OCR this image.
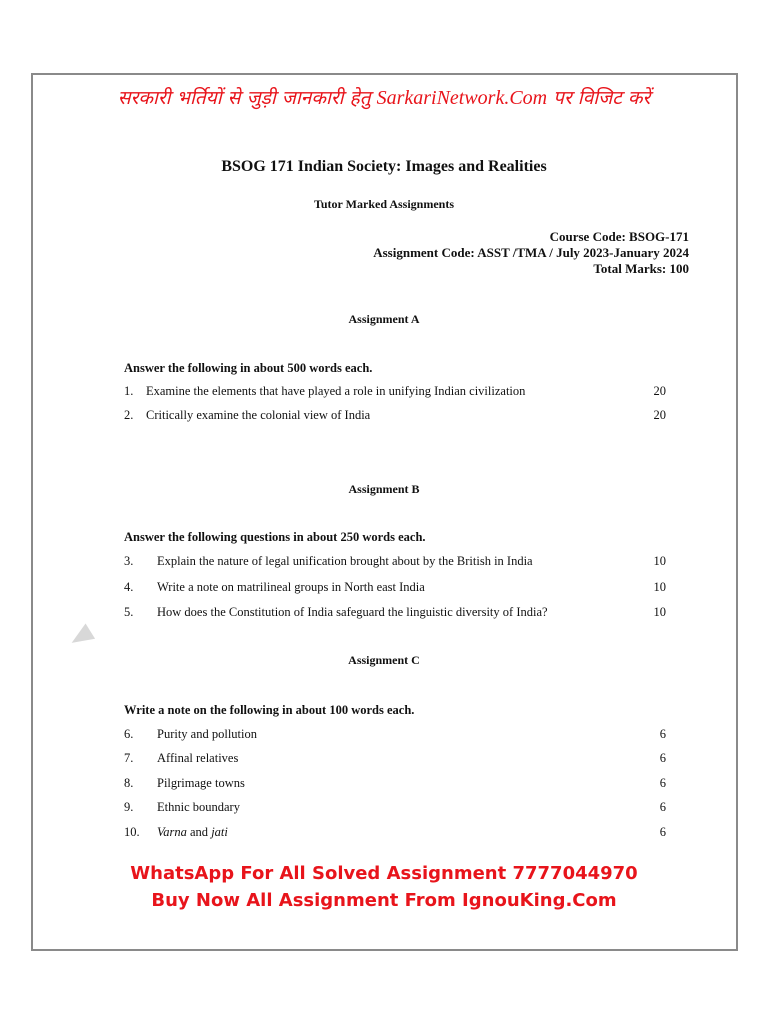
सरकारी भर्तियों से जुड़ी जानकारी हेतु SarkariNetwork.Com पर विजिट करें
BSOG 171 Indian Society: Images and Realities
Tutor Marked Assignments
Course Code: BSOG-171
Assignment Code: ASST /TMA / July 2023-January 2024
Total Marks: 100
Assignment A
Answer the following in about 500 words each.
1. Examine the elements that have played a role in unifying Indian civilization	20
2. Critically examine the colonial view of India	20
Assignment B
Answer the following questions in about 250 words each.
3. Explain the nature of legal unification brought about by the British in India	10
4. Write a note on matrilineal groups in North east India	10
5. How does the Constitution of India safeguard the linguistic diversity of India?	10
Assignment C
Write a note on the following in about 100 words each.
6. Purity and pollution	6
7. Affinal relatives	6
8. Pilgrimage towns	6
9. Ethnic boundary	6
10. Varna and jati	6
WhatsApp For All Solved Assignment 7777044970
Buy Now All Assignment From IgnouKing.Com
